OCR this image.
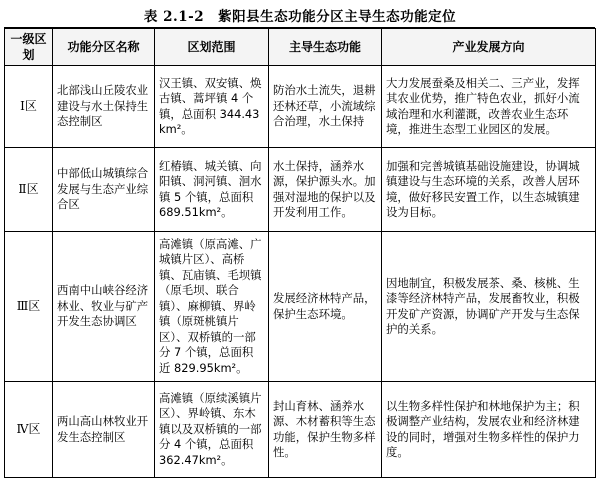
表 2.1-2　紫阳县生态功能分区主导生态功能定位
一级区划	功能分区名称	区划范围	主导生态功能	产业发展方向
Ⅰ区	北部浅山丘陵农业建设与水土保持生态控制区	汉王镇、双安镇、焕古镇、蒿坪镇 4 个镇，总面积 344.43km²。	防治水土流失，退耕还林还草，小流域综合治理，水土保持	大力发展蚕桑及相关二、三产业，发挥其农业优势，推广特色农业，抓好小流域治理和水利灌溉，改善农业生态环境，推进生态型工业园区的发展。

Ⅱ区	中部低山城镇综合发展与生态产业综合区	红椿镇、城关镇、向阳镇、洞河镇、洄水镇 5 个镇，总面积 689.51km²。	水土保持，涵养水源，保护源头水。加强对湿地的保护以及开发利用工作。	加强和完善城镇基础设施建设，协调城镇建设与生态环境的关系，改善人居环境，做好移民安置工作，以生态城镇建设为目标。

Ⅲ区	西南中山峡谷经济林业、牧业与矿产开发生态协调区	高滩镇（原高滩、广城镇片区）、高桥镇、瓦庙镇、毛坝镇（原毛坝、联合镇）、麻柳镇、界岭镇（原斑桃镇片区）、双桥镇的一部分 7 个镇，总面积近 829.95km²。	发展经济林特产品，保护生态环境。	因地制宜，积极发展茶、桑、核桃、生漆等经济林特产品，发展畜牧业，积极开发矿产资源，协调矿产开发与生态保护的关系。

Ⅳ区	两山高山林牧业开发生态控制区	高滩镇（原续溪镇片区）、界岭镇、东木镇以及双桥镇的一部分 4 个镇，总面积 362.47km²。	封山育林、涵养水源、木材蓄积等生态功能，保护生物多样性。	以生物多样性保护和林地保护为主；积极调整产业结构，发展农业和经济林建设的同时，增强对生物多样性的保护力度。
